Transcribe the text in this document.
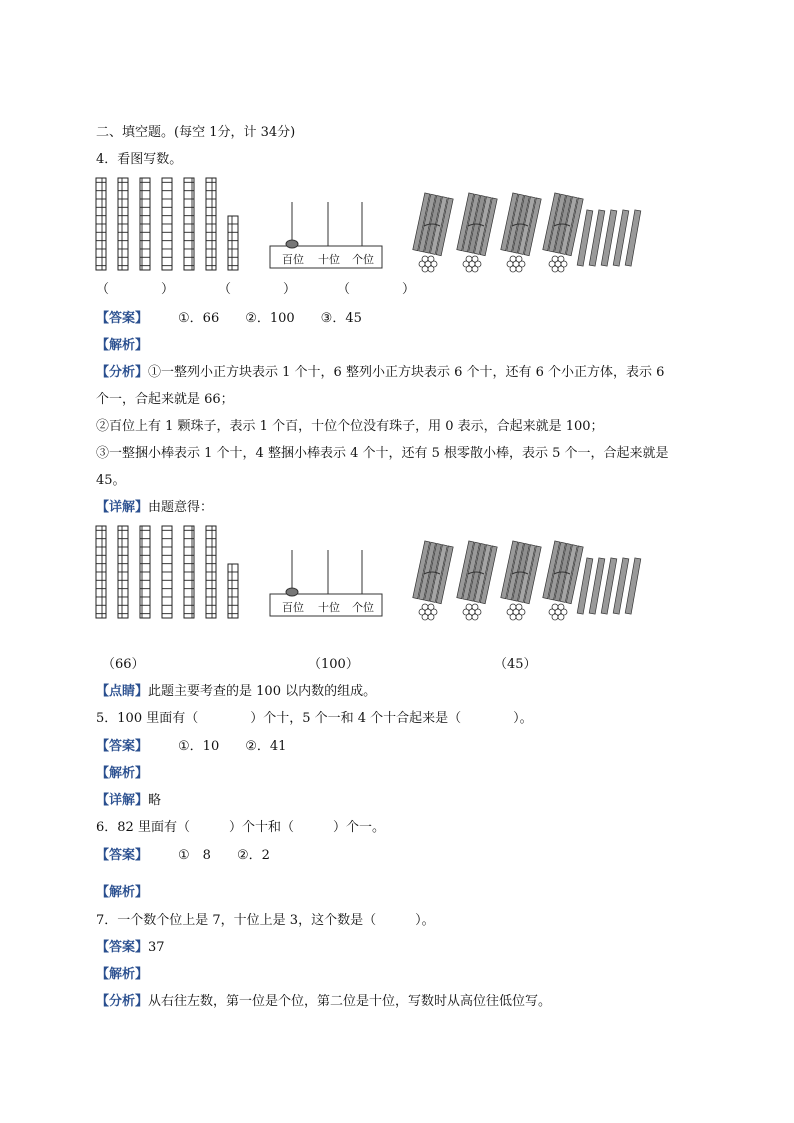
二、填空题。(每空 1分，计 34分)
4．看图写数。
百位 十位 个位
（　　　　）	（　　　　）	（　　　　）
【答案】 ①．66　　②．100　　③．45
【解析】
【分析】①一整列小正方块表示 1 个十，6 整列小正方块表示 6 个十，还有 6 个小正方体，表示 6
个一，合起来就是 66；
②百位上有 1 颗珠子，表示 1 个百，十位个位没有珠子，用 0 表示，合起来就是 100；
③一整捆小棒表示 1 个十，4 整捆小棒表示 4 个十，还有 5 根零散小棒，表示 5 个一，合起来就是
45。
【详解】由题意得：
百位 十位 个位
（66）	（100）	（45）
【点睛】此题主要考查的是 100 以内数的组成。
5．100 里面有（　　　　）个十，5 个一和 4 个十合起来是（　　　　）。
【答案】 ①．10　　②．41
【解析】
【详解】略
6．82 里面有（　　　）个十和（　　　）个一。
【答案】 ①　8　　②．2
【解析】
7．一个数个位上是 7，十位上是 3，这个数是（　　　）。
【答案】37
【解析】
【分析】从右往左数，第一位是个位，第二位是十位，写数时从高位往低位写。
